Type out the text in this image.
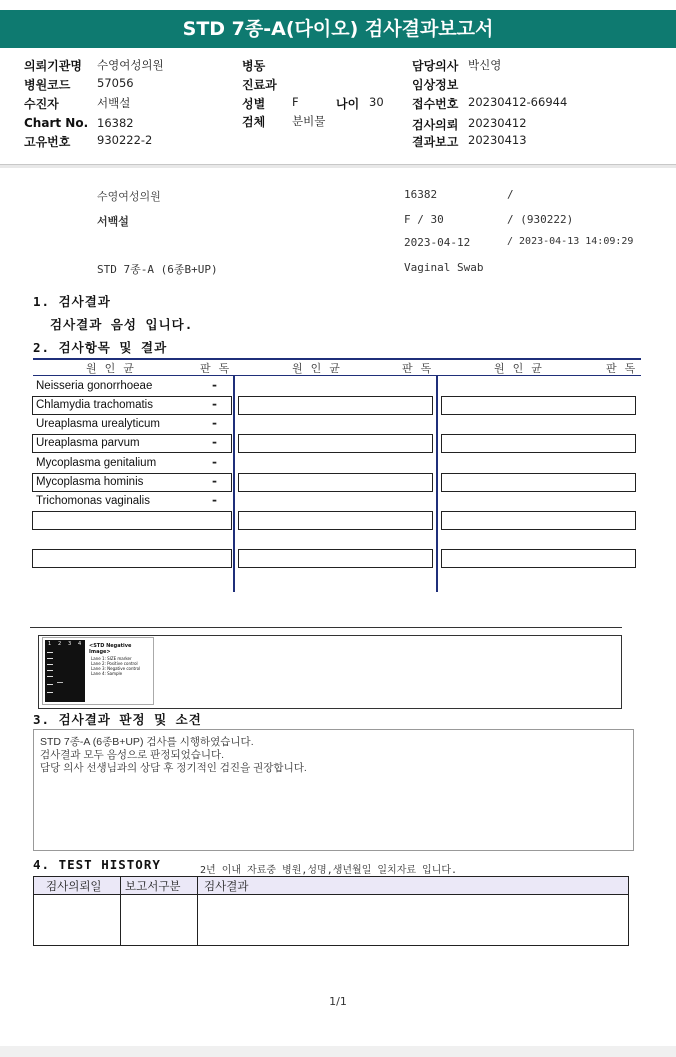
STD 7종-A(다이오) 검사결과보고서
의뢰기관명 수영여성의원	병동	담당의사 박신영
병원코드 57056	진료과	임상정보
수진자	서백설	성별 F	나이 30 접수번호 20230412-66944
Chart No. 16382	검체 분비물	검사의뢰 20230412
고유번호 930222-2	결과보고 20230413
수영여성의원	16382	/
서백설	F / 30	/ (930222)
2023-04-12	/ 2023-04-13 14:09:29
STD 7종-A (6종B+UP)	Vaginal Swab
1. 검사결과
검사결과 음성 입니다.
2. 검사항목 및 결과
원인균	판독	원인균	판독	원인균	판독
Neisseria gonorrhoeae	-
Chlamydia trachomatis	-
Ureaplasma urealyticum	-
Ureaplasma parvum	-
Mycoplasma genitalium	-
Mycoplasma hominis	-
Trichomonas vaginalis	-
1 2 3 4 <STD Negative Image>
Lane 1: SIZE marker
Lane 2: Positive control
Lane 3: Negative control
Lane 4: Sample
3. 검사결과 판정 및 소견
STD 7종-A (6종B+UP) 검사를 시행하였습니다.
검사결과 모두 음성으로 판정되었습니다.
담당 의사 선생님과의 상담 후 정기적인 검진을 권장합니다.
4. TEST HISTORY	2년 이내 자료중 병원,성명,생년월일 일치자료 입니다.
검사의뢰일 보고서구분 검사결과
1/1
